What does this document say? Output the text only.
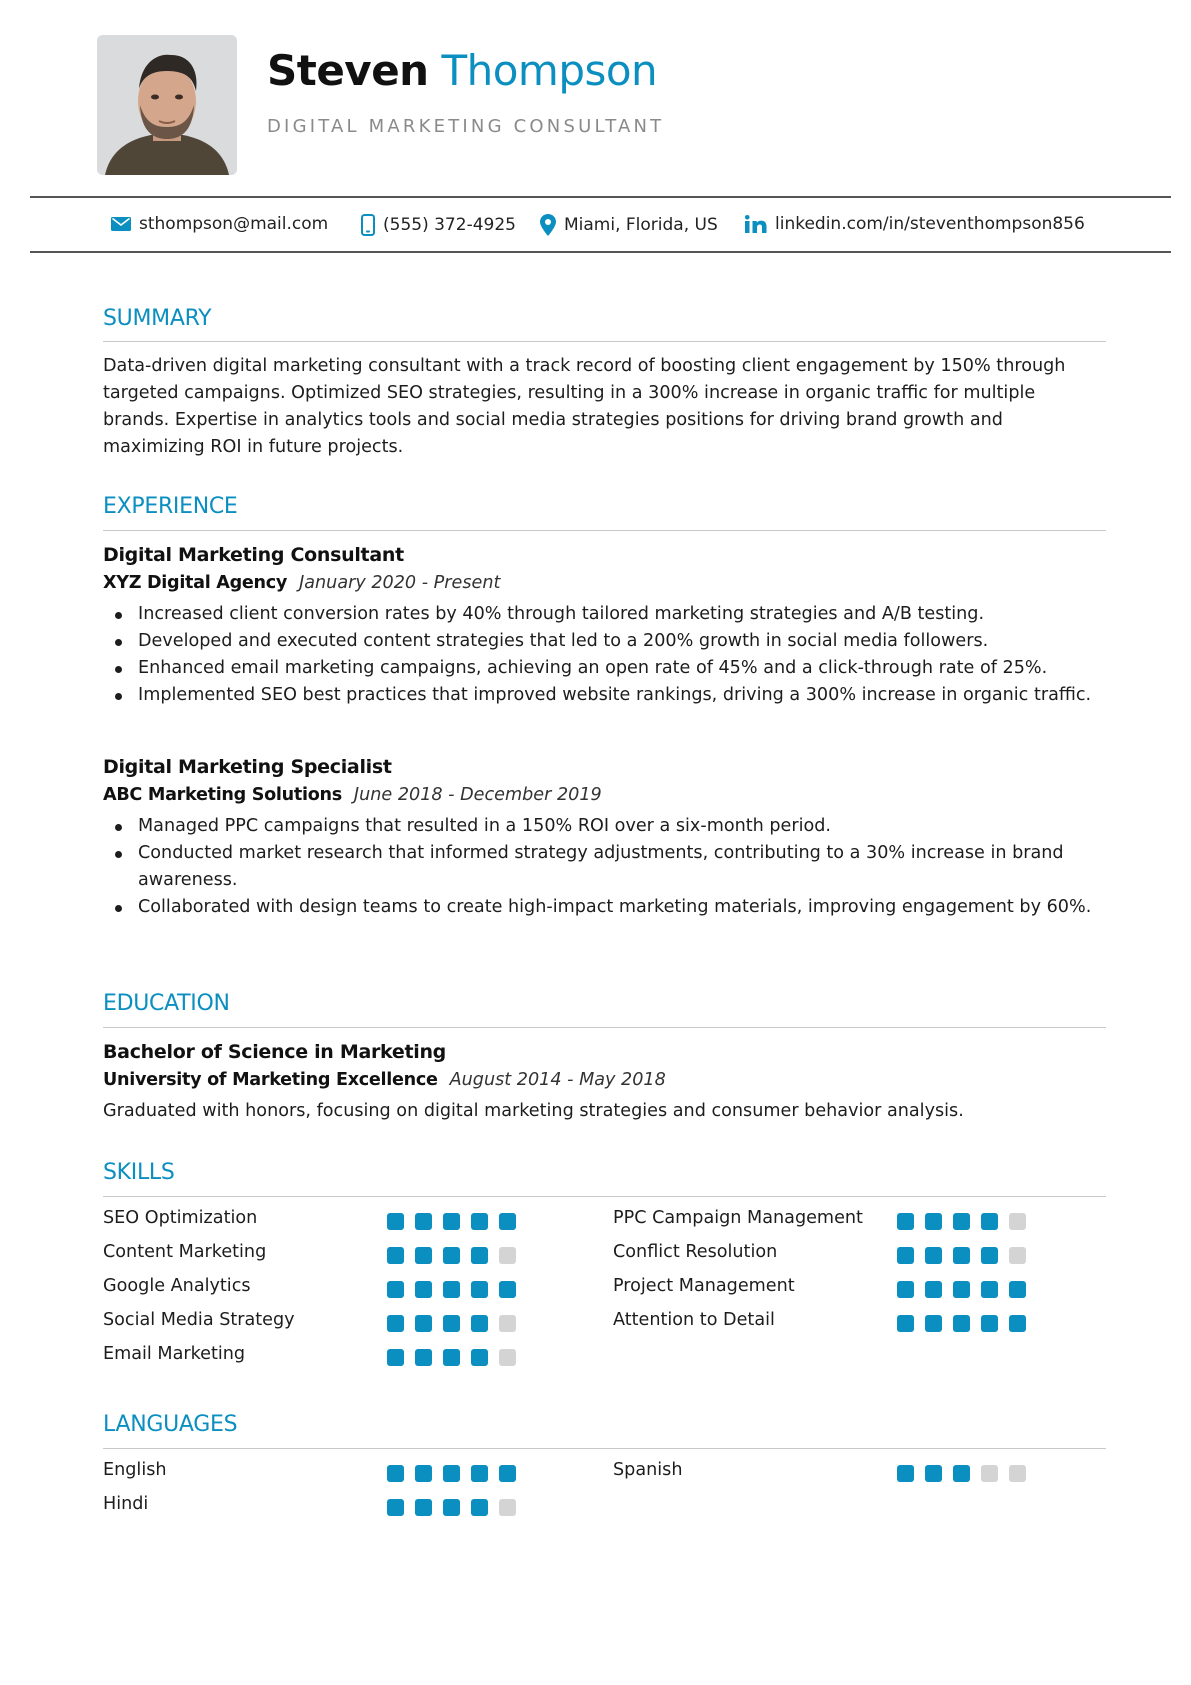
Steven Thompson
DIGITAL MARKETING CONSULTANT
sthompson@mail.com	(555) 372-4925	Miami, Florida, US	linkedin.com/in/steventhompson856
SUMMARY
Data-driven digital marketing consultant with a track record of boosting client engagement by 150% through targeted campaigns. Optimized SEO strategies, resulting in a 300% increase in organic traffic for multiple brands. Expertise in analytics tools and social media strategies positions for driving brand growth and maximizing ROI in future projects.
EXPERIENCE
Digital Marketing Consultant
XYZ Digital Agency January 2020 - Present
Increased client conversion rates by 40% through tailored marketing strategies and A/B testing.
Developed and executed content strategies that led to a 200% growth in social media followers.
Enhanced email marketing campaigns, achieving an open rate of 45% and a click-through rate of 25%.
Implemented SEO best practices that improved website rankings, driving a 300% increase in organic traffic.
Digital Marketing Specialist
ABC Marketing Solutions June 2018 - December 2019
Managed PPC campaigns that resulted in a 150% ROI over a six-month period.
Conducted market research that informed strategy adjustments, contributing to a 30% increase in brand awareness.
Collaborated with design teams to create high-impact marketing materials, improving engagement by 60%.
EDUCATION
Bachelor of Science in Marketing
University of Marketing Excellence August 2014 - May 2018
Graduated with honors, focusing on digital marketing strategies and consumer behavior analysis.
SKILLS
SEO Optimization
Content Marketing
Google Analytics
Social Media Strategy
Email Marketing
PPC Campaign Management
Conflict Resolution
Project Management
Attention to Detail
LANGUAGES
English
Hindi
Spanish
